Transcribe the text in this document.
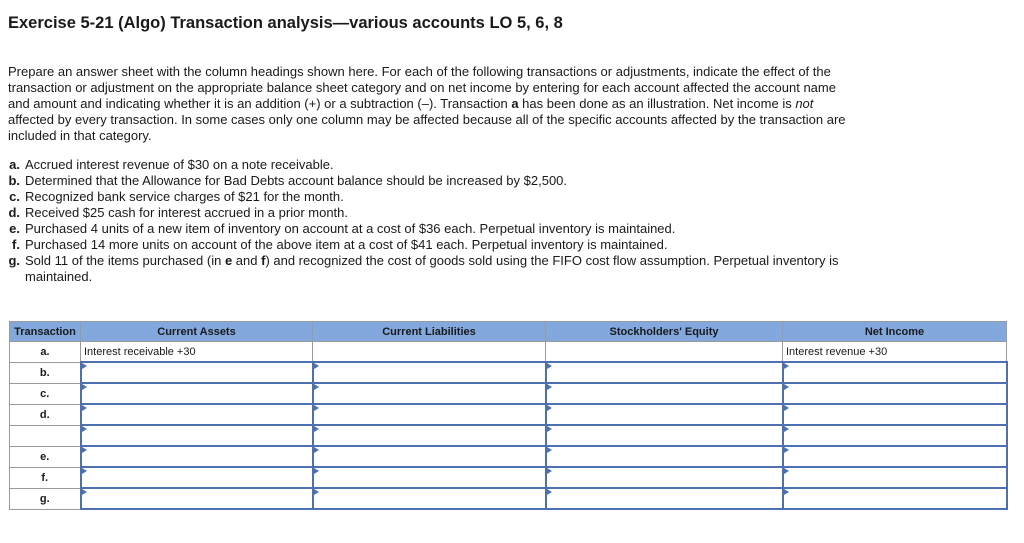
Exercise 5-21 (Algo) Transaction analysis—various accounts LO 5, 6, 8

Prepare an answer sheet with the column headings shown here. For each of the following transactions or adjustments, indicate the effect of the transaction or adjustment on the appropriate balance sheet category and on net income by entering for each account affected the account name and amount and indicating whether it is an addition (+) or a subtraction (–). Transaction a has been done as an illustration. Net income is not affected by every transaction. In some cases only one column may be affected because all of the specific accounts affected by the transaction are included in that category.

a. Accrued interest revenue of $30 on a note receivable.
b. Determined that the Allowance for Bad Debts account balance should be increased by $2,500.
c. Recognized bank service charges of $21 for the month.
d. Received $25 cash for interest accrued in a prior month.
e. Purchased 4 units of a new item of inventory on account at a cost of $36 each. Perpetual inventory is maintained.
f. Purchased 14 more units on account of the above item at a cost of $41 each. Perpetual inventory is maintained.
g. Sold 11 of the items purchased (in e and f) and recognized the cost of goods sold using the FIFO cost flow assumption. Perpetual inventory is maintained.
Transaction	Current Assets	Current Liabilities	Stockholders' Equity	Net Income
a.	Interest receivable +30			Interest revenue +30
b.				
c.				
d.				

e.				
f.				
g.				
